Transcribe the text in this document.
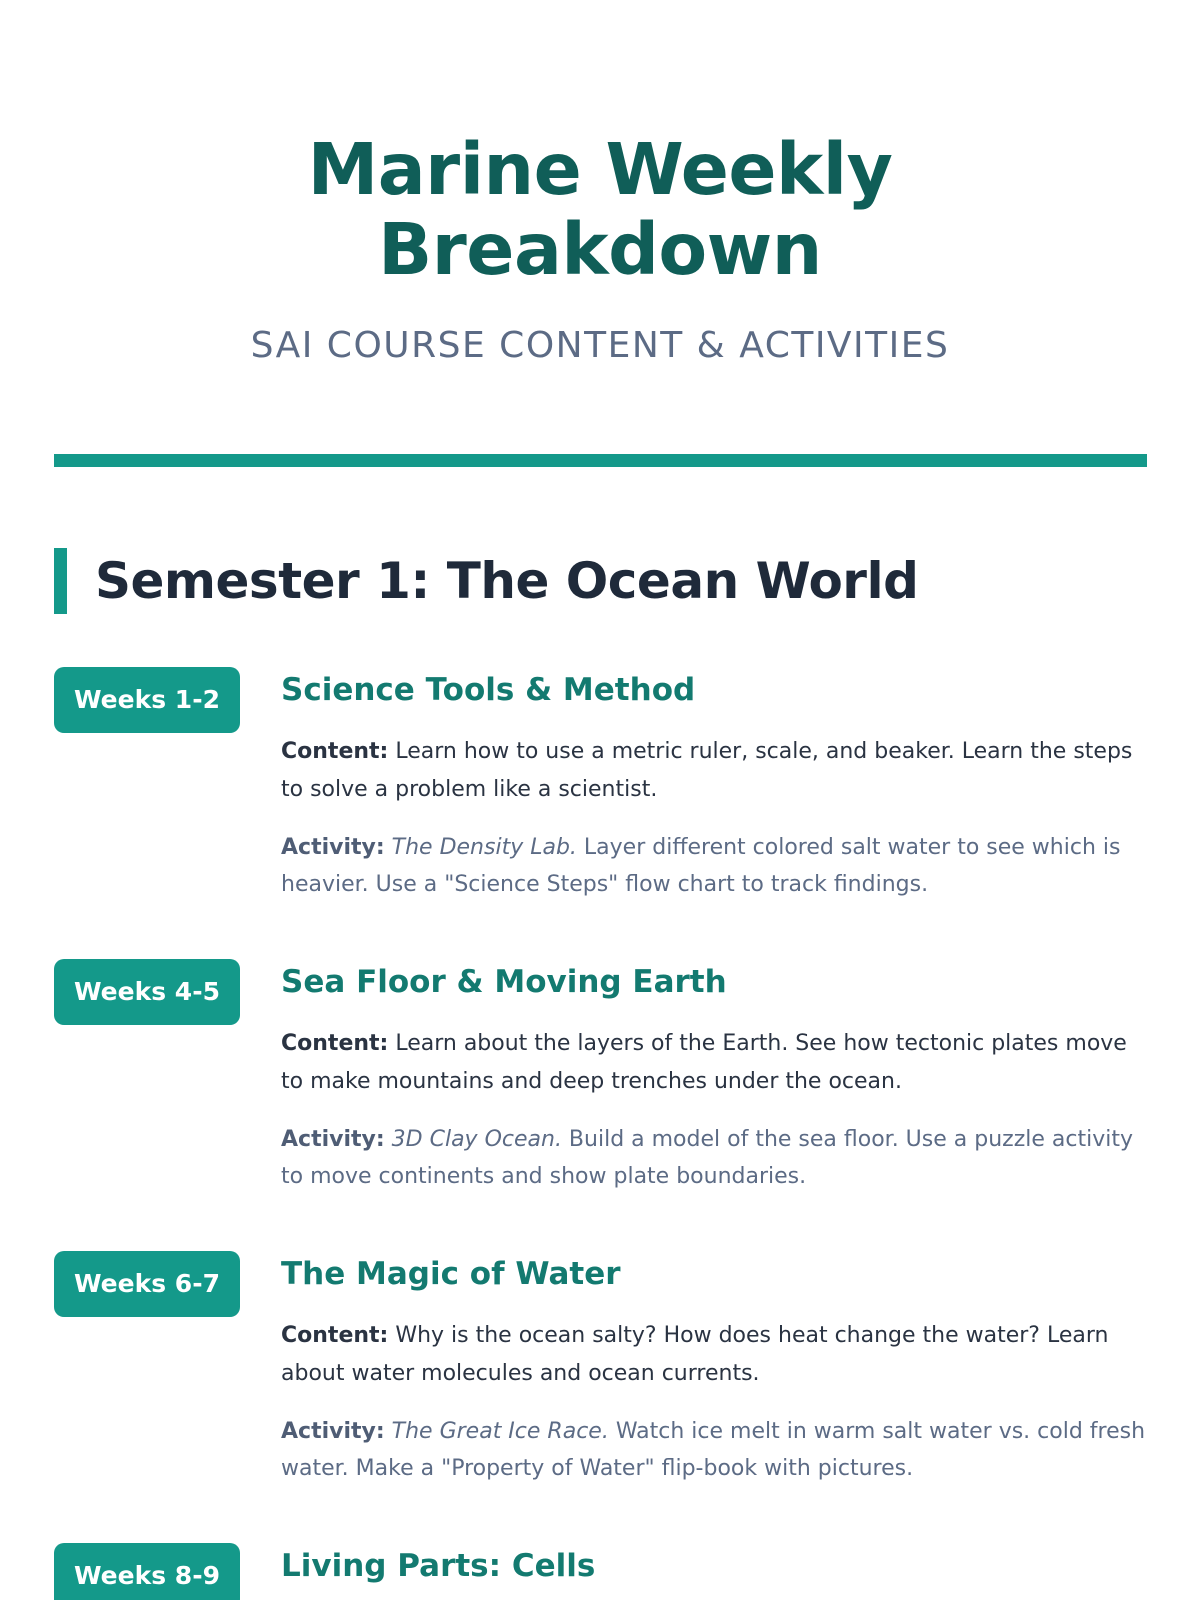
Marine Weekly
Breakdown
SAI COURSE CONTENT & ACTIVITIES
Semester 1: The Ocean World
Weeks 1-2	Science Tools & Method

Content: Learn how to use a metric ruler, scale, and beaker. Learn the steps to solve a problem like a scientist.

Activity: The Density Lab. Layer different colored salt water to see which is heavier. Use a "Science Steps" flow chart to track findings.

Weeks 4-5	Sea Floor & Moving Earth

Content: Learn about the layers of the Earth. See how tectonic plates move to make mountains and deep trenches under the ocean.

Activity: 3D Clay Ocean. Build a model of the sea floor. Use a puzzle activity to move continents and show plate boundaries.

Weeks 6-7	The Magic of Water

Content: Why is the ocean salty? How does heat change the water? Learn about water molecules and ocean currents.

Activity: The Great Ice Race. Watch ice melt in warm salt water vs. cold fresh water. Make a "Property of Water" flip-book with pictures.

Weeks 8-9	Living Parts: Cells
